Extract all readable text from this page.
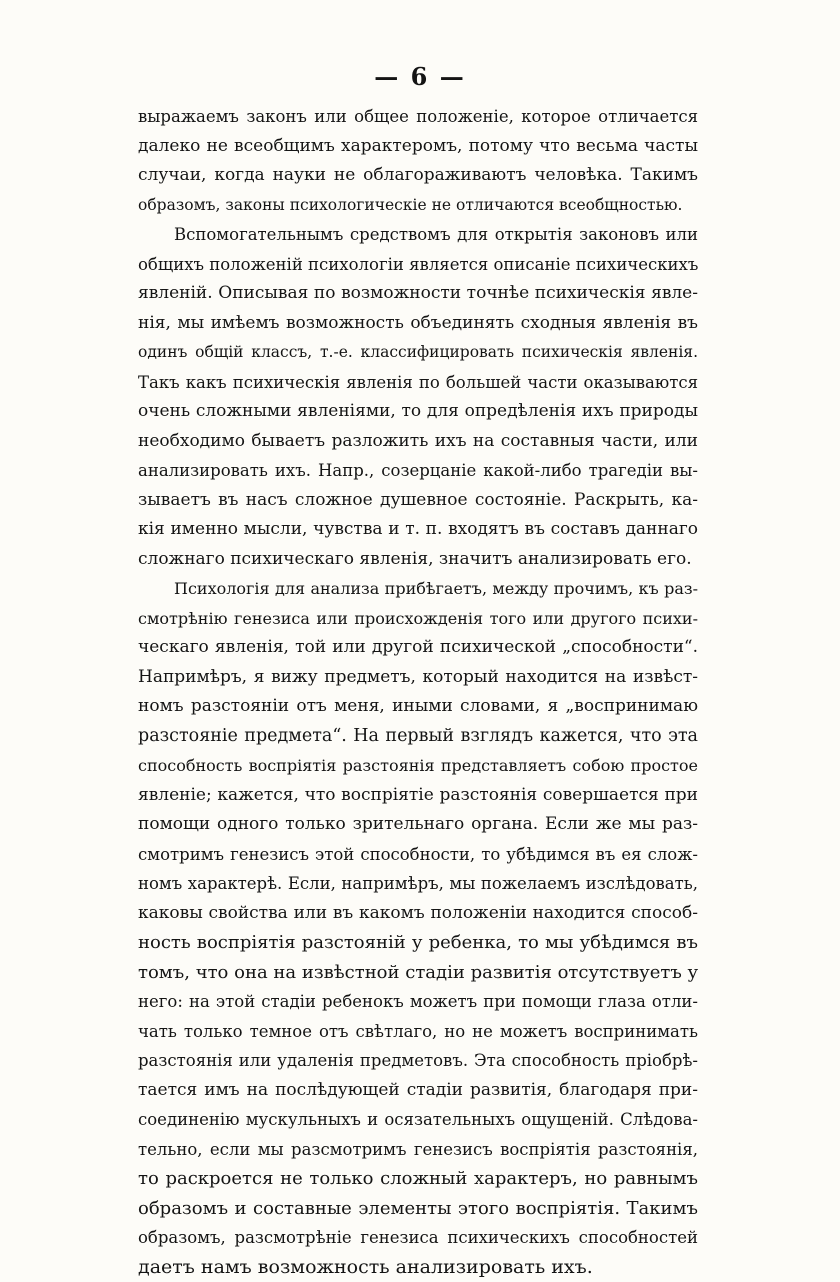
— 6 —
выражаемъ законъ или общее положеніе, которое отличается
далеко не всеобщимъ характеромъ, потому что весьма часты
случаи, когда науки не облагораживаютъ человѣка. Такимъ
образомъ, законы психологическіе не отличаются всеобщностью.
Вспомогательнымъ средствомъ для открытія законовъ или
общихъ положеній психологіи является описаніе психическихъ
явленій. Описывая по возможности точнѣе психическія явле-
нія, мы имѣемъ возможность объединять сходныя явленія въ
одинъ общій классъ, т.-е. классифицировать психическія явленія.
Такъ какъ психическія явленія по большей части оказываются
очень сложными явленіями, то для опредѣленія ихъ природы
необходимо бываетъ разложить ихъ на составныя части, или
анализировать ихъ. Напр., созерцаніе какой-либо трагедіи вы-
зываетъ въ насъ сложное душевное состояніе. Раскрыть, ка-
кія именно мысли, чувства и т. п. входятъ въ составъ даннаго
сложнаго психическаго явленія, значитъ анализировать его.
Психологія для анализа прибѣгаетъ, между прочимъ, къ раз-
смотрѣнію генезиса или происхожденія того или другого психи-
ческаго явленія, той или другой психической „способности“.
Напримѣръ, я вижу предметъ, который находится на извѣст-
номъ разстояніи отъ меня, иными словами, я „воспринимаю
разстояніе предмета“. На первый взглядъ кажется, что эта
способность воспріятія разстоянія представляетъ собою простое
явленіе; кажется, что воспріятіе разстоянія совершается при
помощи одного только зрительнаго органа. Если же мы раз-
смотримъ генезисъ этой способности, то убѣдимся въ ея слож-
номъ характерѣ. Если, напримѣръ, мы пожелаемъ изслѣдовать,
каковы свойства или въ какомъ положеніи находится способ-
ность воспріятія разстояній у ребенка, то мы убѣдимся въ
томъ, что она на извѣстной стадіи развитія отсутствуетъ у
него: на этой стадіи ребенокъ можетъ при помощи глаза отли-
чать только темное отъ свѣтлаго, но не можетъ воспринимать
разстоянія или удаленія предметовъ. Эта способность пріобрѣ-
тается имъ на послѣдующей стадіи развитія, благодаря при-
соединенію мускульныхъ и осязательныхъ ощущеній. Слѣдова-
тельно, если мы разсмотримъ генезисъ воспріятія разстоянія,
то раскроется не только сложный характеръ, но равнымъ
образомъ и составные элементы этого воспріятія. Такимъ
образомъ, разсмотрѣніе генезиса психическихъ способностей
даетъ намъ возможность анализировать ихъ.
